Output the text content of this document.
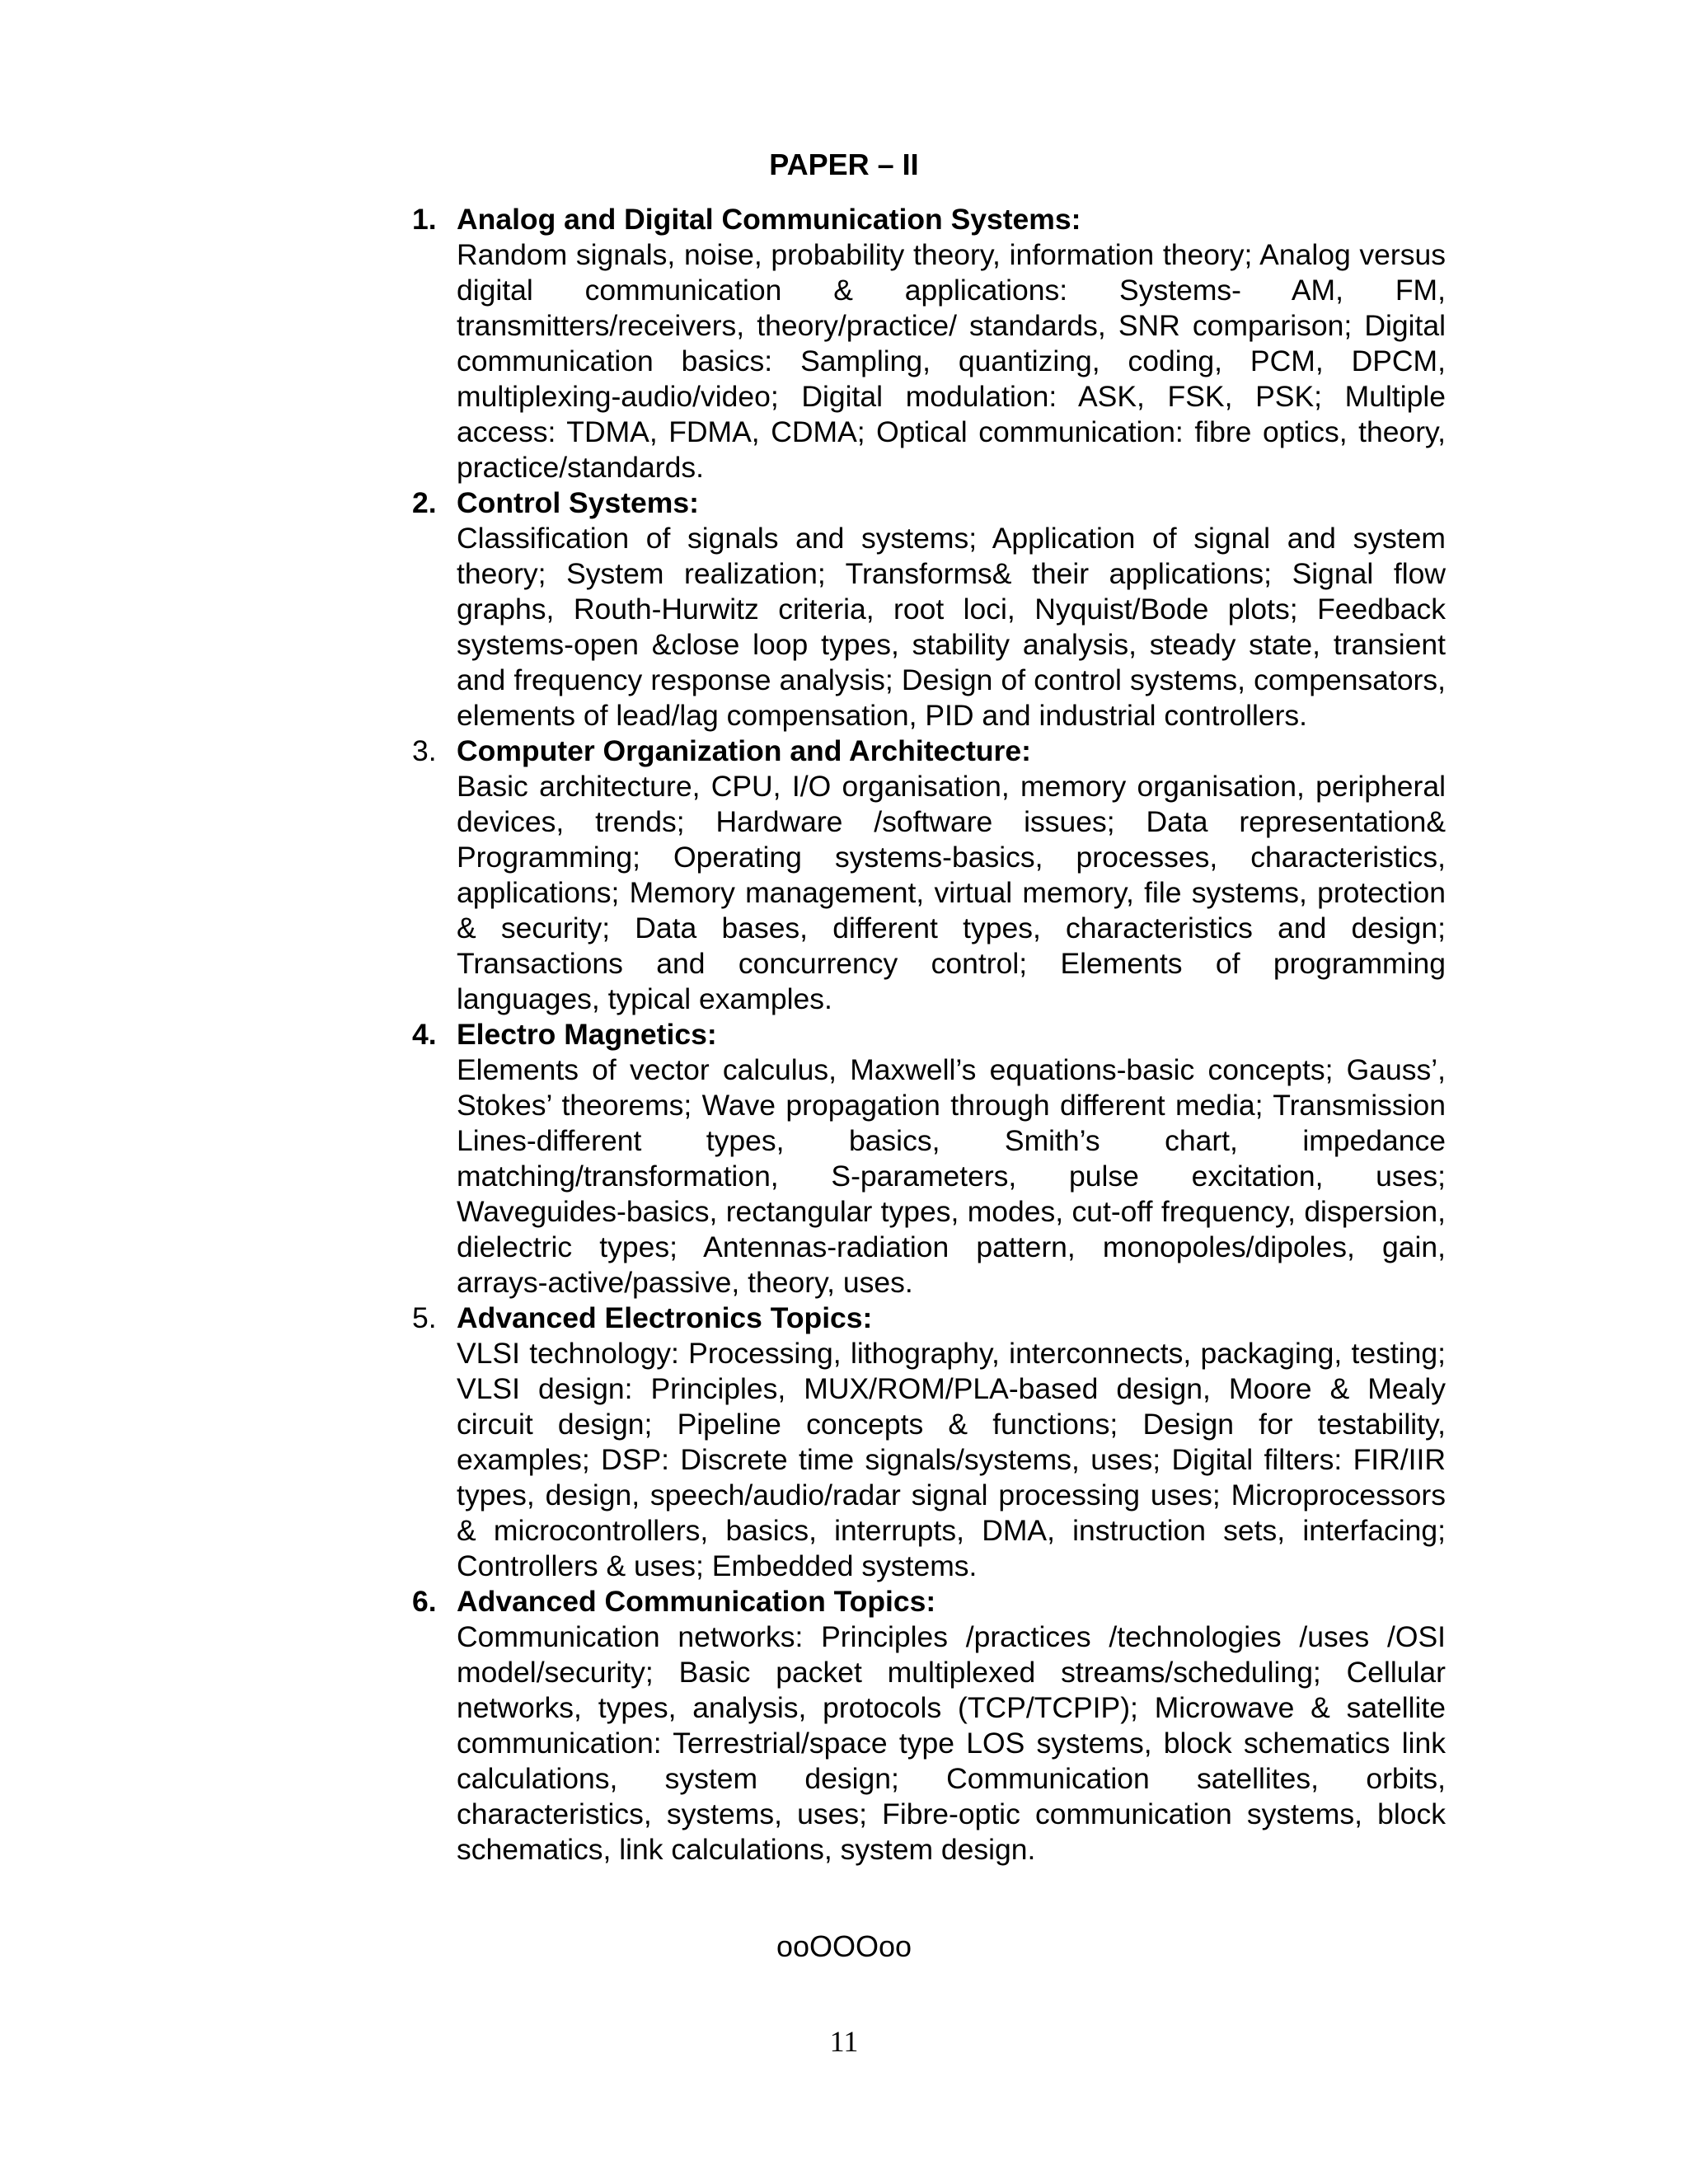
PAPER – II
1. Analog and Digital Communication Systems:
Random signals, noise, probability theory, information theory; Analog versus digital communication & applications: Systems- AM, FM, transmitters/receivers, theory/practice/ standards, SNR comparison; Digital communication basics: Sampling, quantizing, coding, PCM, DPCM, multiplexing-audio/video; Digital modulation: ASK, FSK, PSK; Multiple access: TDMA, FDMA, CDMA; Optical communication: fibre optics, theory, practice/standards.
2. Control Systems:
Classification of signals and systems; Application of signal and system theory; System realization; Transforms& their applications; Signal flow graphs, Routh-Hurwitz criteria, root loci, Nyquist/Bode plots; Feedback systems-open &close loop types, stability analysis, steady state, transient and frequency response analysis; Design of control systems, compensators, elements of lead/lag compensation, PID and industrial controllers.
3. Computer Organization and Architecture:
Basic architecture, CPU, I/O organisation, memory organisation, peripheral devices, trends; Hardware /software issues; Data representation& Programming; Operating systems-basics, processes, characteristics, applications; Memory management, virtual memory, file systems, protection & security; Data bases, different types, characteristics and design; Transactions and concurrency control; Elements of programming languages, typical examples.
4. Electro Magnetics:
Elements of vector calculus, Maxwell’s equations-basic concepts; Gauss’, Stokes’ theorems; Wave propagation through different media; Transmission Lines-different types, basics, Smith’s chart, impedance matching/transformation, S-parameters, pulse excitation, uses; Waveguides-basics, rectangular types, modes, cut-off frequency, dispersion, dielectric types; Antennas-radiation pattern, monopoles/dipoles, gain, arrays-active/passive, theory, uses.
5. Advanced Electronics Topics:
VLSI technology: Processing, lithography, interconnects, packaging, testing; VLSI design: Principles, MUX/ROM/PLA-based design, Moore & Mealy circuit design; Pipeline concepts & functions; Design for testability, examples; DSP: Discrete time signals/systems, uses; Digital filters: FIR/IIR types, design, speech/audio/radar signal processing uses; Microprocessors & microcontrollers, basics, interrupts, DMA, instruction sets, interfacing; Controllers & uses; Embedded systems.
6. Advanced Communication Topics:
Communication networks: Principles /practices /technologies /uses /OSI model/security; Basic packet multiplexed streams/scheduling; Cellular networks, types, analysis, protocols (TCP/TCPIP); Microwave & satellite communication: Terrestrial/space type LOS systems, block schematics link calculations, system design; Communication satellites, orbits, characteristics, systems, uses; Fibre-optic communication systems, block schematics, link calculations, system design.
ooOOOoo
11
